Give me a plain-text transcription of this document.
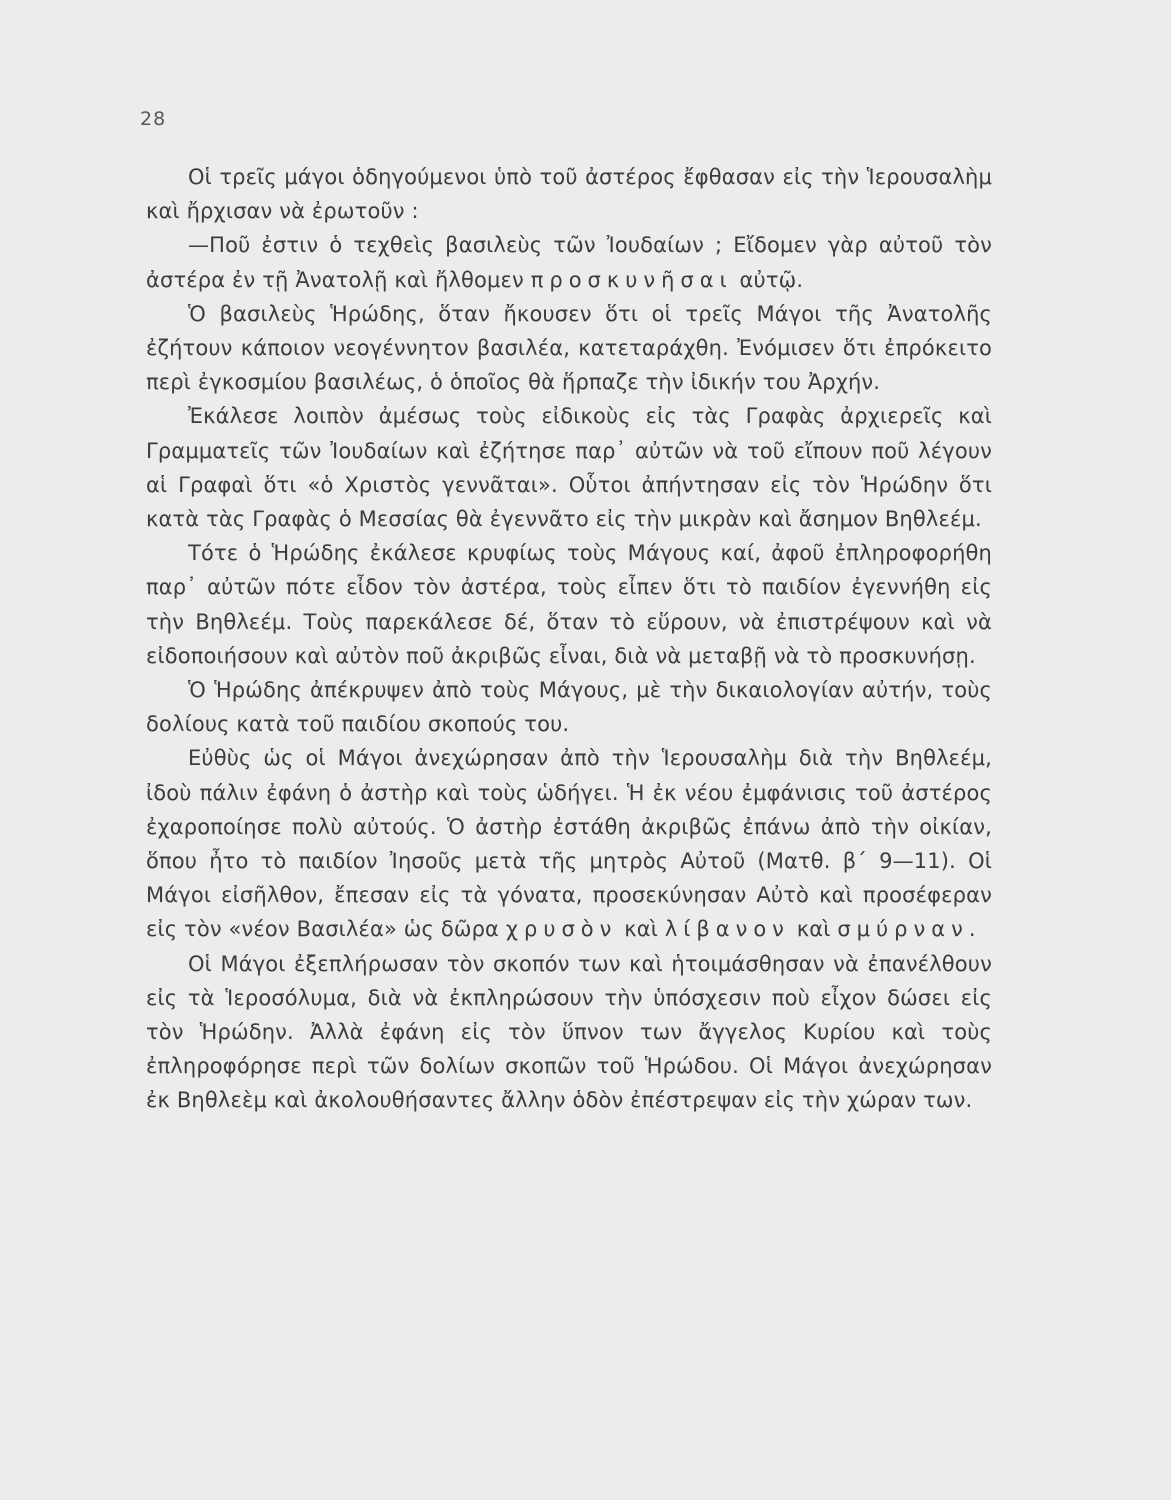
28

Οἱ τρεῖς μάγοι ὁδηγούμενοι ὑπὸ τοῦ ἀστέρος ἔφθασαν εἰς τὴν Ἱερουσαλὴμ καὶ ἤρχισαν νὰ ἐρωτοῦν :

—Ποῦ ἐστιν ὁ τεχθεὶς βασιλεὺς τῶν Ἰουδαίων ; Εἴδομεν γὰρ αὐτοῦ τὸν ἀστέρα ἐν τῇ Ἀνατολῇ καὶ ἤλθομεν προσκυνῆσαι αὐτῷ.

Ὁ βασιλεὺς Ἡρώδης, ὅταν ἤκουσεν ὅτι οἱ τρεῖς Μάγοι τῆς Ἀνατολῆς ἐζήτουν κάποιον νεογέννητον βασιλέα, κατεταράχθη. Ἐνόμισεν ὅτι ἐπρόκειτο περὶ ἐγκοσμίου βασιλέως, ὁ ὁποῖος θὰ ἥρπαζε τὴν ἰδικήν του Ἀρχήν.

Ἐκάλεσε λοιπὸν ἀμέσως τοὺς εἰδικοὺς εἰς τὰς Γραφὰς ἀρχιερεῖς καὶ Γραμματεῖς τῶν Ἰουδαίων καὶ ἐζήτησε παρ᾽ αὐτῶν νὰ τοῦ εἴπουν ποῦ λέγουν αἱ Γραφαὶ ὅτι «ὁ Χριστὸς γεννᾶται». Οὗτοι ἀπήντησαν εἰς τὸν Ἡρώδην ὅτι κατὰ τὰς Γραφὰς ὁ Μεσσίας θὰ ἐγεννᾶτο εἰς τὴν μικρὰν καὶ ἄσημον Βηθλεέμ.

Τότε ὁ Ἡρώδης ἐκάλεσε κρυφίως τοὺς Μάγους καί, ἀφοῦ ἐπληροφορήθη παρ᾽ αὐτῶν πότε εἶδον τὸν ἀστέρα, τοὺς εἶπεν ὅτι τὸ παιδίον ἐγεννήθη εἰς τὴν Βηθλεέμ. Τοὺς παρεκάλεσε δέ, ὅταν τὸ εὕρουν, νὰ ἐπιστρέψουν καὶ νὰ εἰδοποιήσουν καὶ αὐτὸν ποῦ ἀκριβῶς εἶναι, διὰ νὰ μεταβῇ νὰ τὸ προσκυνήσῃ.

Ὁ Ἡρώδης ἀπέκρυψεν ἀπὸ τοὺς Μάγους, μὲ τὴν δικαιολογίαν αὐτήν, τοὺς δολίους κατὰ τοῦ παιδίου σκοπούς του.

Εὐθὺς ὡς οἱ Μάγοι ἀνεχώρησαν ἀπὸ τὴν Ἱερουσαλὴμ διὰ τὴν Βηθλεέμ, ἰδοὺ πάλιν ἐφάνη ὁ ἀστὴρ καὶ τοὺς ὡδήγει. Ἡ ἐκ νέου ἐμφάνισις τοῦ ἀστέρος ἐχαροποίησε πολὺ αὐτούς. Ὁ ἀστὴρ ἐστάθη ἀκριβῶς ἐπάνω ἀπὸ τὴν οἰκίαν, ὅπου ἦτο τὸ παιδίον Ἰησοῦς μετὰ τῆς μητρὸς Αὐτοῦ (Ματθ. β´ 9—11). Οἱ Μάγοι εἰσῆλθον, ἔπεσαν εἰς τὰ γόνατα, προσεκύνησαν Αὐτὸ καὶ προσέφεραν εἰς τὸν «νέον Βασιλέα» ὡς δῶρα χρυσὸν καὶ λίβανον καὶ σμύρναν.

Οἱ Μάγοι ἐξεπλήρωσαν τὸν σκοπόν των καὶ ἡτοιμάσθησαν νὰ ἐπανέλθουν εἰς τὰ Ἱεροσόλυμα, διὰ νὰ ἐκπληρώσουν τὴν ὑπόσχεσιν ποὺ εἶχον δώσει εἰς τὸν Ἡρώδην. Ἀλλὰ ἐφάνη εἰς τὸν ὕπνον των ἄγγελος Κυρίου καὶ τοὺς ἐπληροφόρησε περὶ τῶν δολίων σκοπῶν τοῦ Ἡρώδου. Οἱ Μάγοι ἀνεχώρησαν ἐκ Βηθλεὲμ καὶ ἀκολουθήσαντες ἄλλην ὁδὸν ἐπέστρεψαν εἰς τὴν χώραν των.
